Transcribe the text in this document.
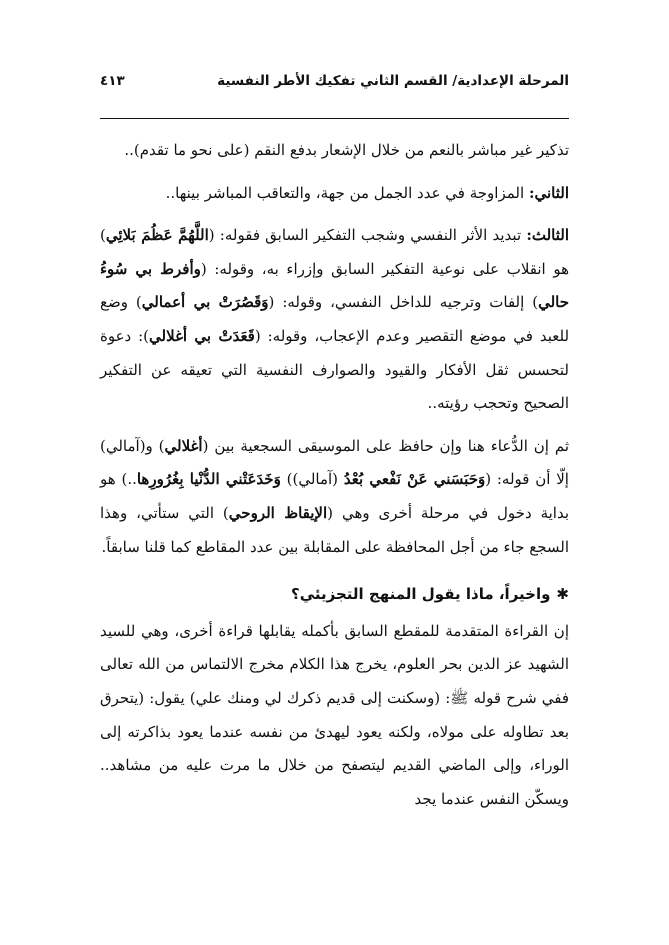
المرحلة الإعدادية/ القسم الثاني تفكيك الأطر النفسية
٤١٣

تذكير غير مباشر بالنعم من خلال الإشعار بدفع النقم (على نحو ما تقدم)..

الثاني: المزاوجة في عدد الجمل من جهة، والتعاقب المباشر بينها..

الثالث: تبديد الأثر النفسي وشجب التفكير السابق فقوله: (اللَّهُمَّ عَظُمَ بَلائِي) هو انقلاب على نوعية التفكير السابق وإزراء به، وقوله: (وأفرط بي سُوءُ حالي) إلفات وترجيه للداخل النفسي، وقوله: (وَقَصُرَتْ بي أعمالي) وضع للعبد في موضع التقصير وعدم الإعجاب، وقوله: (قَعَدَتْ بي أغلالي): دعوة لتحسس ثقل الأفكار والقيود والصوارف النفسية التي تعيقه عن التفكير الصحيح وتحجب رؤيته..

ثم إن الدُّعاء هنا وإن حافظ على الموسيقى السجعية بين (أغلالي) و(آمالي) إلّا أن قوله: (وَحَبَسَني عَنْ نَفْعي بُعْدُ (آمالي)) وَخَدَعَتْني الدُّنْيا بِغُرُورِها..) هو بداية دخول في مرحلة أخرى وهي (الإيقاظ الروحي) التي ستأتي، وهذا السجع جاء من أجل المحافظة على المقابلة بين عدد المقاطع كما قلنا سابقاً.

✱واخيراً، ماذا يقول المنهج التجزيئي؟

إن القراءة المتقدمة للمقطع السابق بأكمله يقابلها قراءة أخرى، وهي للسيد الشهيد عز الدين بحر العلوم، يخرج هذا الكلام مخرج الالتماس من الله تعالى ففي شرح قوله ﷺ: (وسكنت إلى قديم ذكرك لي ومنك علي) يقول: (يتحرق بعد تطاوله على مولاه، ولكنه يعود ليهدئ من نفسه عندما يعود بذاكرته إلى الوراء، وإلى الماضي القديم ليتصفح من خلال ما مرت عليه من مشاهد.. ويسكّن النفس عندما يجد
